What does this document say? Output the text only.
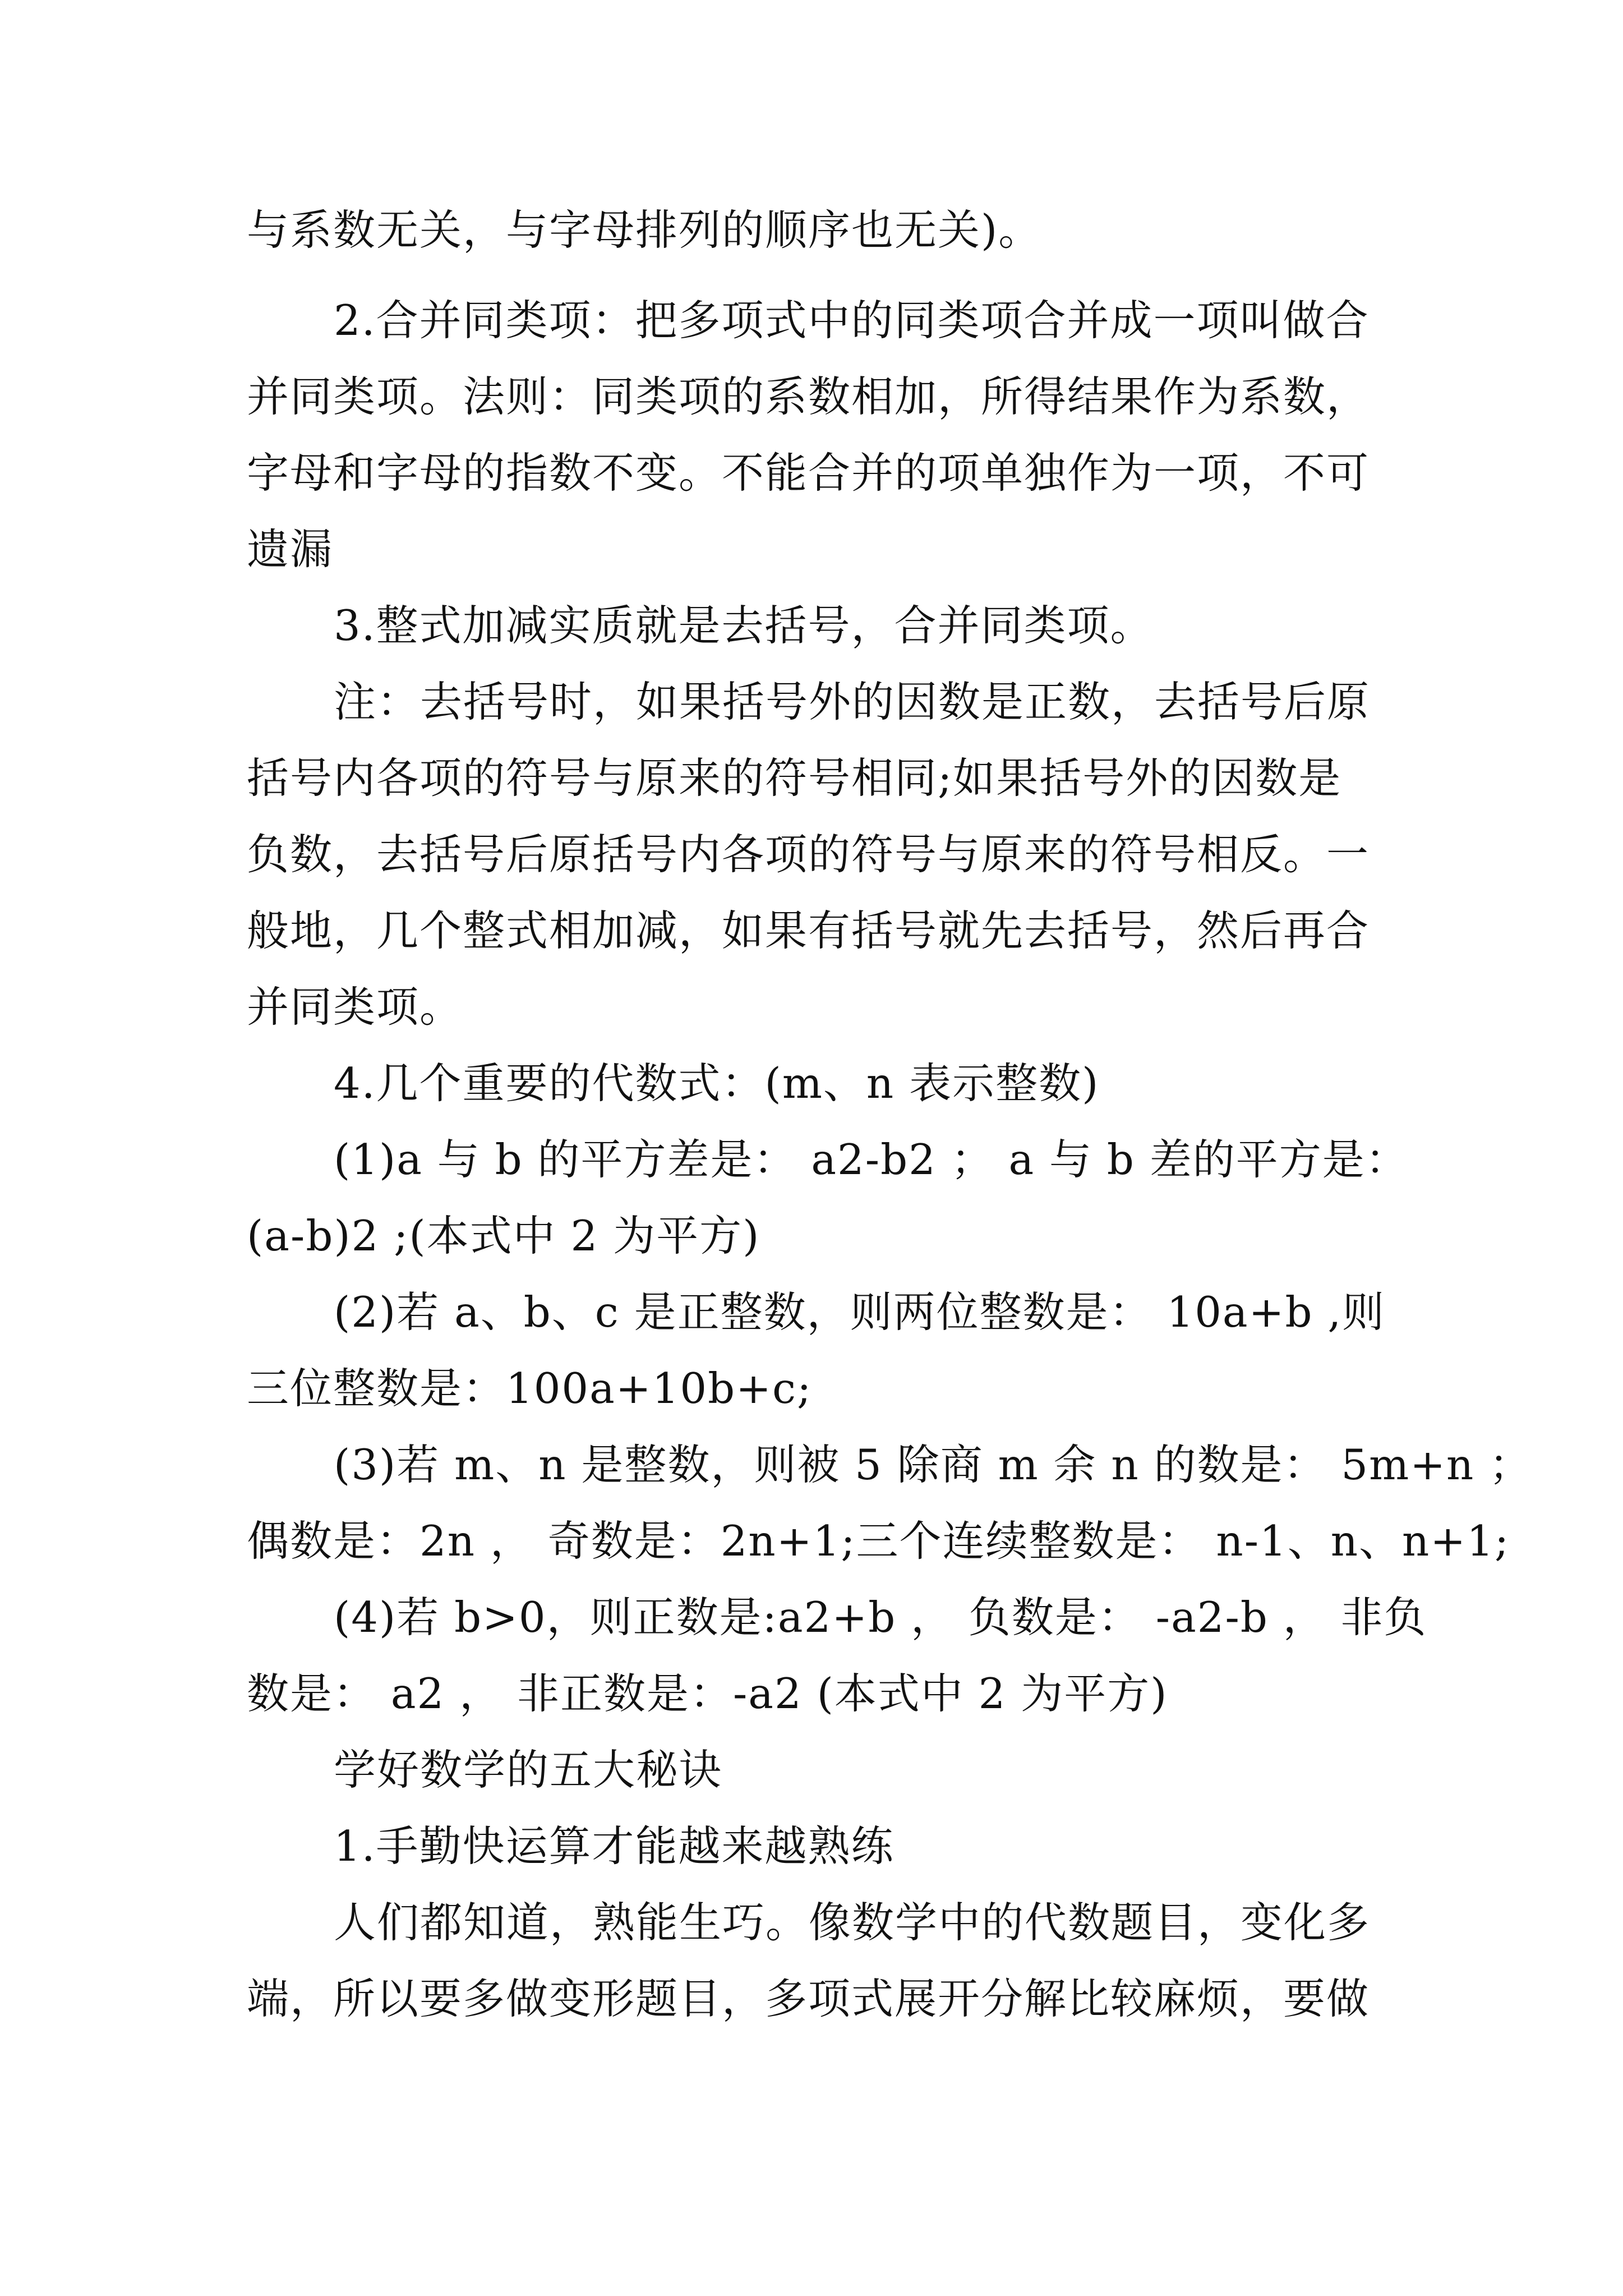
与系数无关，与字母排列的顺序也无关)。
2.合并同类项：把多项式中的同类项合并成一项叫做合
并同类项。法则：同类项的系数相加，所得结果作为系数，
字母和字母的指数不变。不能合并的项单独作为一项，不可
遗漏
3.整式加减实质就是去括号，合并同类项。
注：去括号时，如果括号外的因数是正数，去括号后原
括号内各项的符号与原来的符号相同;如果括号外的因数是
负数，去括号后原括号内各项的符号与原来的符号相反。一
般地，几个整式相加减，如果有括号就先去括号，然后再合
并同类项。
4.几个重要的代数式：(m、n 表示整数)
(1)a 与 b 的平方差是： a2-b2 ； a 与 b 差的平方是：
(a-b)2 ;(本式中 2 为平方)
(2)若 a、b、c 是正整数，则两位整数是： 10a+b ,则
三位整数是：100a+10b+c;
(3)若 m、n 是整数，则被 5 除商 m 余 n 的数是： 5m+n ；
偶数是：2n ， 奇数是：2n+1;三个连续整数是： n-1、n、n+1;
(4)若 b>0，则正数是:a2+b ， 负数是： -a2-b ， 非负
数是： a2 ， 非正数是：-a2 (本式中 2 为平方)
学好数学的五大秘诀
1.手勤快运算才能越来越熟练
人们都知道，熟能生巧。像数学中的代数题目，变化多
端，所以要多做变形题目，多项式展开分解比较麻烦，要做
